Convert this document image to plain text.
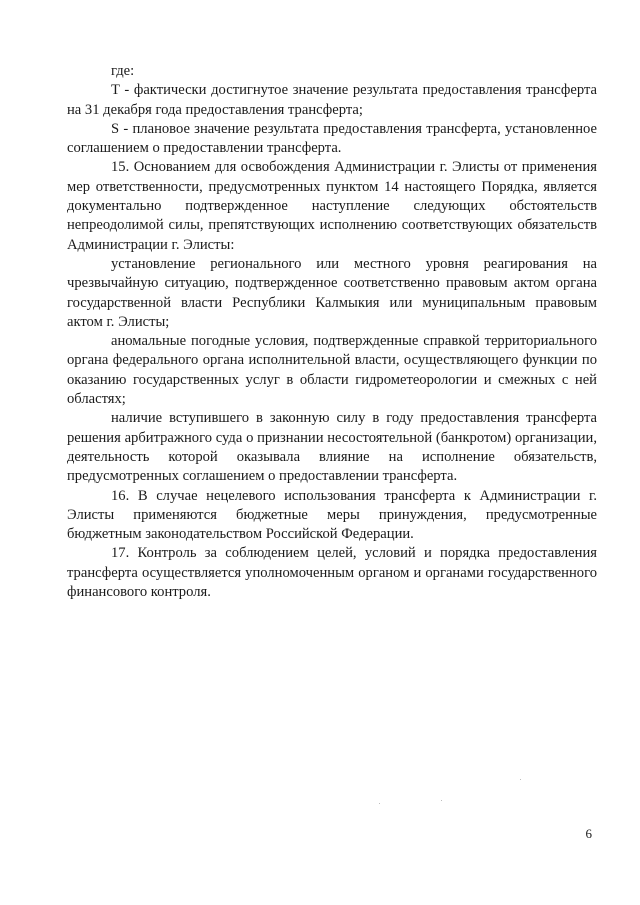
где:

T - фактически достигнутое значение результата предоставления трансферта на 31 декабря года предоставления трансферта;

S - плановое значение результата предоставления трансферта, установленное соглашением о предоставлении трансферта.

15. Основанием для освобождения Администрации г. Элисты от применения мер ответственности, предусмотренных пунктом 14 настоящего Порядка, является документально подтвержденное наступление следующих обстоятельств непреодолимой силы, препятствующих исполнению соответствующих обязательств Администрации г. Элисты:

установление регионального или местного уровня реагирования на чрезвычайную ситуацию, подтвержденное соответственно правовым актом органа государственной власти Республики Калмыкия или муниципальным правовым актом г. Элисты;

аномальные погодные условия, подтвержденные справкой территориального органа федерального органа исполнительной власти, осуществляющего функции по оказанию государственных услуг в области гидрометеорологии и смежных с ней областях;

наличие вступившего в законную силу в году предоставления трансферта решения арбитражного суда о признании несостоятельной (банкротом) организации, деятельность которой оказывала влияние на исполнение обязательств, предусмотренных соглашением о предоставлении трансферта.

16. В случае нецелевого использования трансферта к Администрации г. Элисты применяются бюджетные меры принуждения, предусмотренные бюджетным законодательством Российской Федерации.

17. Контроль за соблюдением целей, условий и порядка предоставления трансферта осуществляется уполномоченным органом и органами государственного финансового контроля.

6
